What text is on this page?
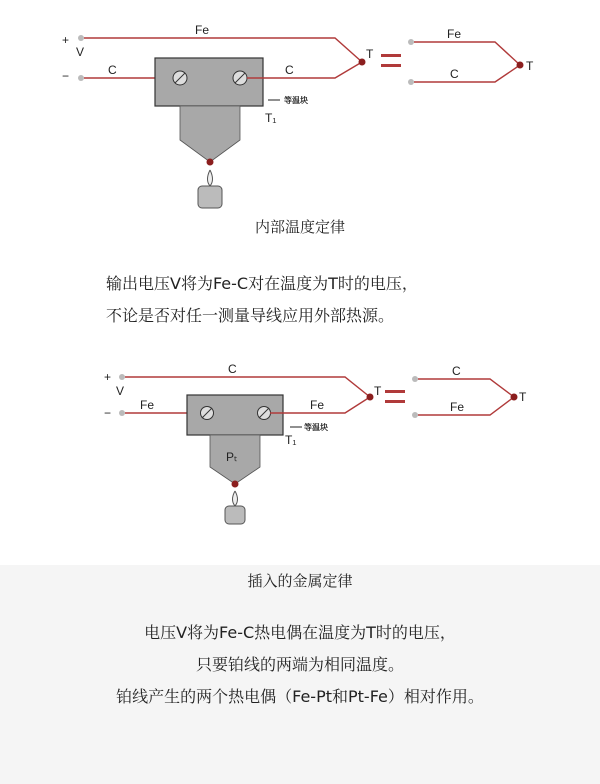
+
V
−
Fe
C	C
T
等温块
T₁
Fe
C
T
内部温度定律
输出电压V将为Fe-C对在温度为T时的电压，
不论是否对任一测量导线应用外部热源。
+
V
−
C
Fe
Pₜ
Fe
T
等温块
T₁
C
Fe
T
插入的金属定律
电压V将为Fe-C热电偶在温度为T时的电压，
只要铂线的两端为相同温度。
铂线产生的两个热电偶（Fe-Pt和Pt-Fe）相对作用。
